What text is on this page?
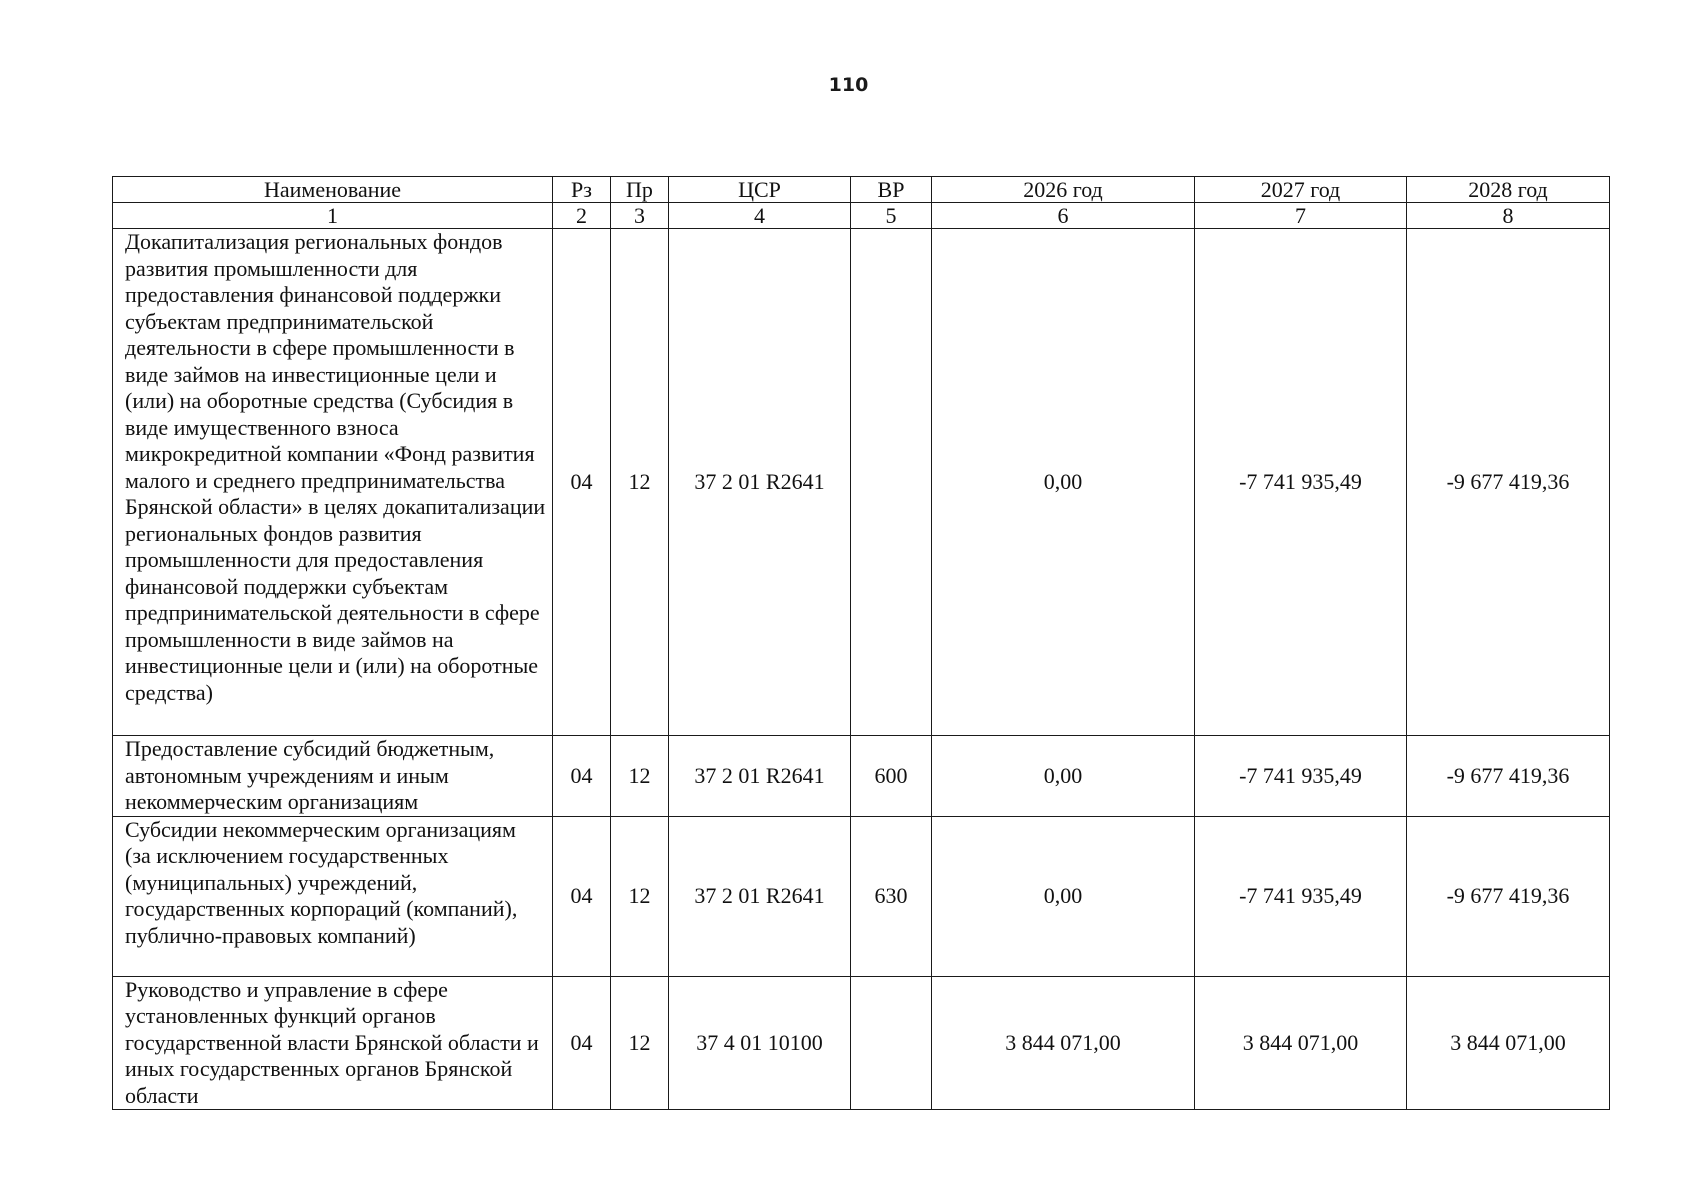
110
Наименование	Рз	Пр	ЦСР	ВР	2026 год	2027 год	2028 год
1	2	3	4	5	6	7	8
Докапитализация региональных фондов развития промышленности для предоставления финансовой поддержки субъектам предпринимательской деятельности в сфере промышленности в виде займов на инвестиционные цели и (или) на оборотные средства (Субсидия в виде имущественного взноса микрокредитной компании «Фонд развития малого и среднего предпринимательства Брянской области» в целях докапитализации региональных фондов развития промышленности для предоставления финансовой поддержки субъектам предпринимательской деятельности в сфере промышленности в виде займов на инвестиционные цели и (или) на оборотные средства)	04	12	37 2 01 R2641		0,00	-7 741 935,49	-9 677 419,36
Предоставление субсидий бюджетным, автономным учреждениям и иным некоммерческим организациям	04	12	37 2 01 R2641	600	0,00	-7 741 935,49	-9 677 419,36
Субсидии некоммерческим организациям (за исключением государственных (муниципальных) учреждений, государственных корпораций (компаний), публично-правовых компаний)	04	12	37 2 01 R2641	630	0,00	-7 741 935,49	-9 677 419,36
Руководство и управление в сфере установленных функций органов государственной власти Брянской области и иных государственных органов Брянской области	04	12	37 4 01 10100		3 844 071,00	3 844 071,00	3 844 071,00
